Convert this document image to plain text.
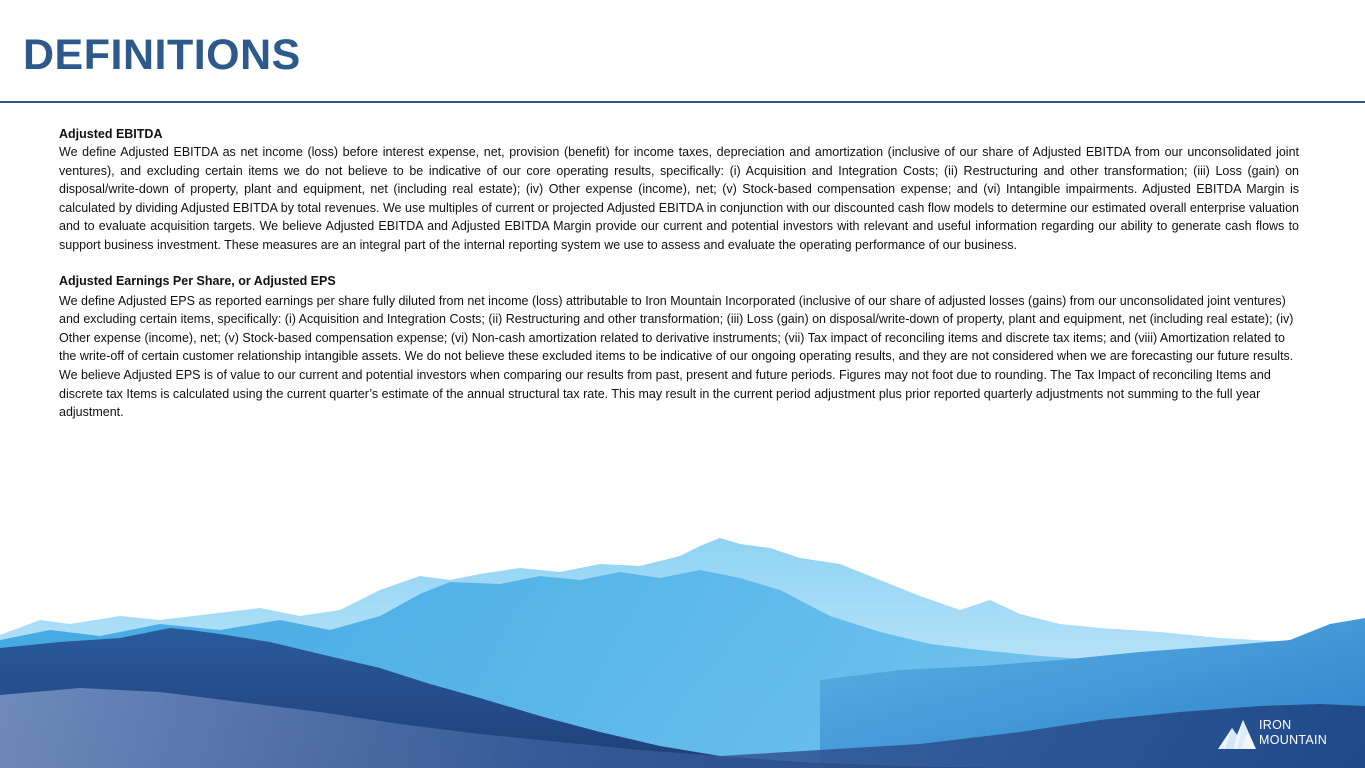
DEFINITIONS

Adjusted EBITDA

We define Adjusted EBITDA as net income (loss) before interest expense, net, provision (benefit) for income taxes, depreciation and amortization (inclusive of our share of Adjusted EBITDA from our unconsolidated joint ventures), and excluding certain items we do not believe to be indicative of our core operating results, specifically: (i) Acquisition and Integration Costs; (ii) Restructuring and other transformation; (iii) Loss (gain) on disposal/write-down of property, plant and equipment, net (including real estate); (iv) Other expense (income), net; (v) Stock-based compensation expense; and (vi) Intangible impairments. Adjusted EBITDA Margin is calculated by dividing Adjusted EBITDA by total revenues. We use multiples of current or projected Adjusted EBITDA in conjunction with our discounted cash flow models to determine our estimated overall enterprise valuation and to evaluate acquisition targets. We believe Adjusted EBITDA and Adjusted EBITDA Margin provide our current and potential investors with relevant and useful information regarding our ability to generate cash flows to support business investment. These measures are an integral part of the internal reporting system we use to assess and evaluate the operating performance of our business.

Adjusted Earnings Per Share, or Adjusted EPS

We define Adjusted EPS as reported earnings per share fully diluted from net income (loss) attributable to Iron Mountain Incorporated (inclusive of our share of adjusted losses (gains) from our unconsolidated joint ventures) and excluding certain items, specifically: (i) Acquisition and Integration Costs; (ii) Restructuring and other transformation; (iii) Loss (gain) on disposal/write-down of property, plant and equipment, net (including real estate); (iv) Other expense (income), net; (v) Stock-based compensation expense; (vi) Non-cash amortization related to derivative instruments; (vii) Tax impact of reconciling items and discrete tax items; and (viii) Amortization related to the write-off of certain customer relationship intangible assets. We do not believe these excluded items to be indicative of our ongoing operating results, and they are not considered when we are forecasting our future results. We believe Adjusted EPS is of value to our current and potential investors when comparing our results from past, present and future periods. Figures may not foot due to rounding. The Tax Impact of reconciling Items and discrete tax Items is calculated using the current quarter’s estimate of the annual structural tax rate. This may result in the current period adjustment plus prior reported quarterly adjustments not summing to the full year adjustment.

IRON
MOUNTAIN
